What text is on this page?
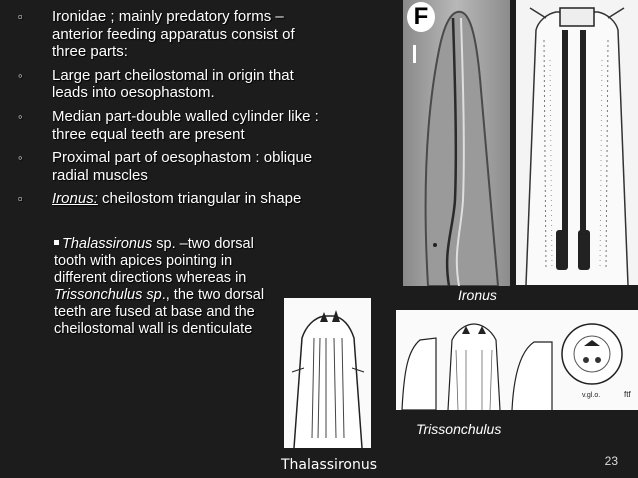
▫ Ironidae ; mainly predatory forms – anterior feeding apparatus consist of three parts:
◦ Large part cheilostomal in origin that leads into oesophastom.
◦ Median part-double walled cylinder like : three equal teeth are present
◦ Proximal part of oesophastom : oblique radial muscles
▫ Ironus: cheilostom triangular in shape
Thalassironus sp. –two dorsal tooth with apices pointing in different directions whereas in Trissonchulus sp., the two dorsal teeth are fused at base and the cheilostomal wall is denticulate
F
Ironus
v.gl.o.	ftf
Trissonchulus
Thalassironus	23
